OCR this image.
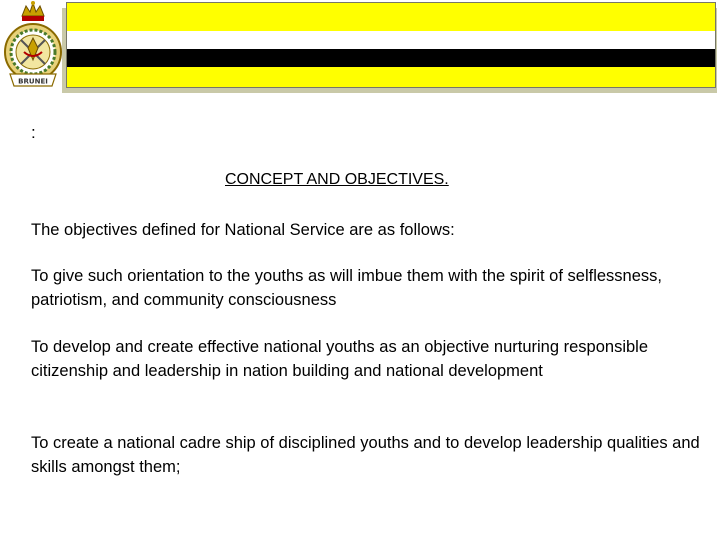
BRUNEI
:
CONCEPT AND OBJECTIVES.

The objectives defined for National Service are as follows:

To give such orientation to the youths as will imbue them with the spirit of selflessness, patriotism, and community consciousness

To develop and create effective national youths as an objective nurturing responsible citizenship and leadership in nation building and national development

To create a national cadre ship of disciplined youths and to develop leadership qualities and skills amongst them;
